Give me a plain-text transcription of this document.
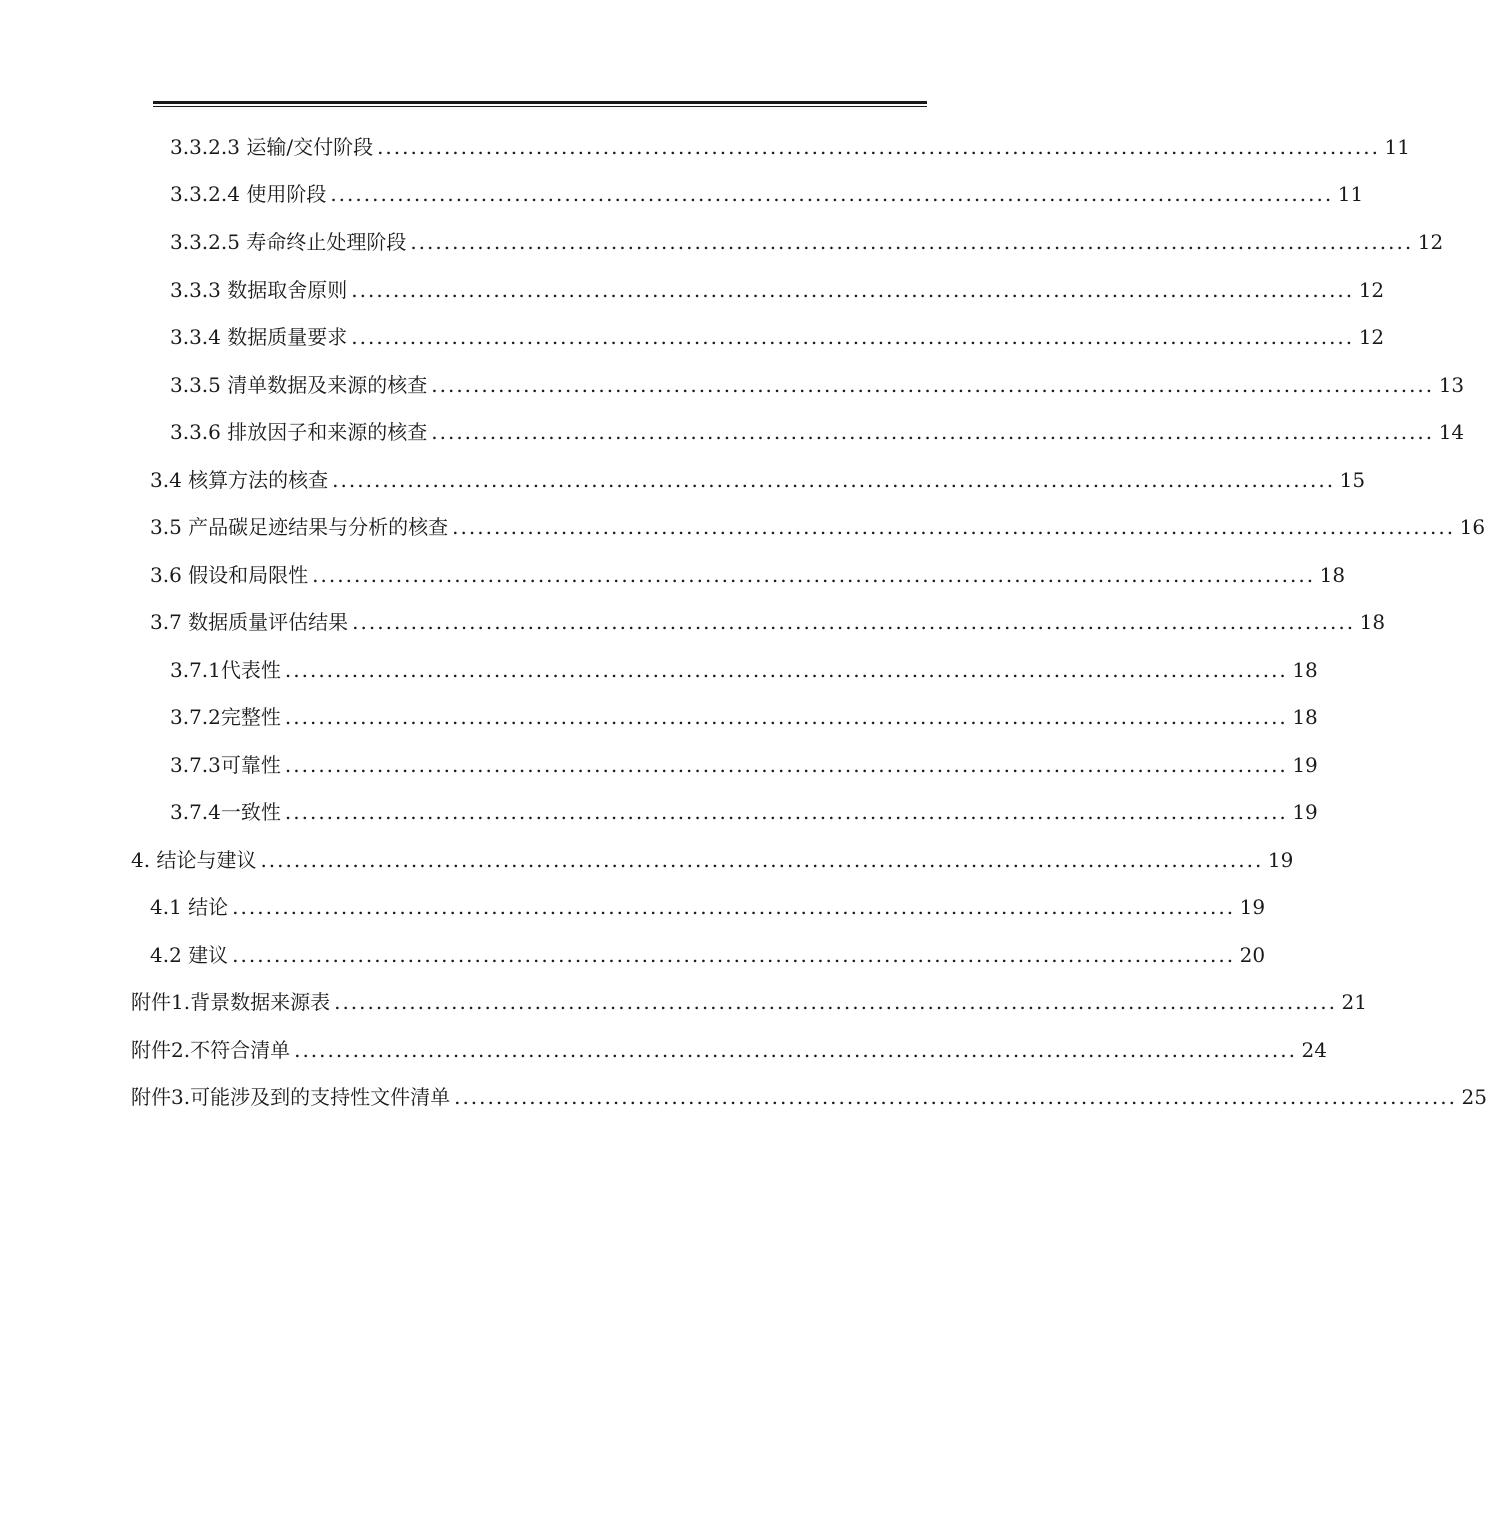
3.3.2.3 运输/交付阶段 ........................................................................................................................ 11
3.3.2.4 使用阶段 ........................................................................................................................ 11
3.3.2.5 寿命终止处理阶段 ........................................................................................................................ 12
3.3.3 数据取舍原则 ........................................................................................................................ 12
3.3.4 数据质量要求 ........................................................................................................................ 12
3.3.5 清单数据及来源的核查 ........................................................................................................................ 13
3.3.6 排放因子和来源的核查 ........................................................................................................................ 14
3.4 核算方法的核查 ........................................................................................................................ 15
3.5 产品碳足迹结果与分析的核查 ........................................................................................................................ 16
3.6 假设和局限性 ........................................................................................................................ 18
3.7 数据质量评估结果 ........................................................................................................................ 18
3.7.1代表性 ........................................................................................................................ 18
3.7.2完整性 ........................................................................................................................ 18
3.7.3可靠性 ........................................................................................................................ 19
3.7.4一致性 ........................................................................................................................ 19
4. 结论与建议 ........................................................................................................................ 19
4.1 结论 ........................................................................................................................ 19
4.2 建议 ........................................................................................................................ 20
附件1.背景数据来源表 ........................................................................................................................ 21
附件2.不符合清单 ........................................................................................................................ 24
附件3.可能涉及到的支持性文件清单 ........................................................................................................................ 25
